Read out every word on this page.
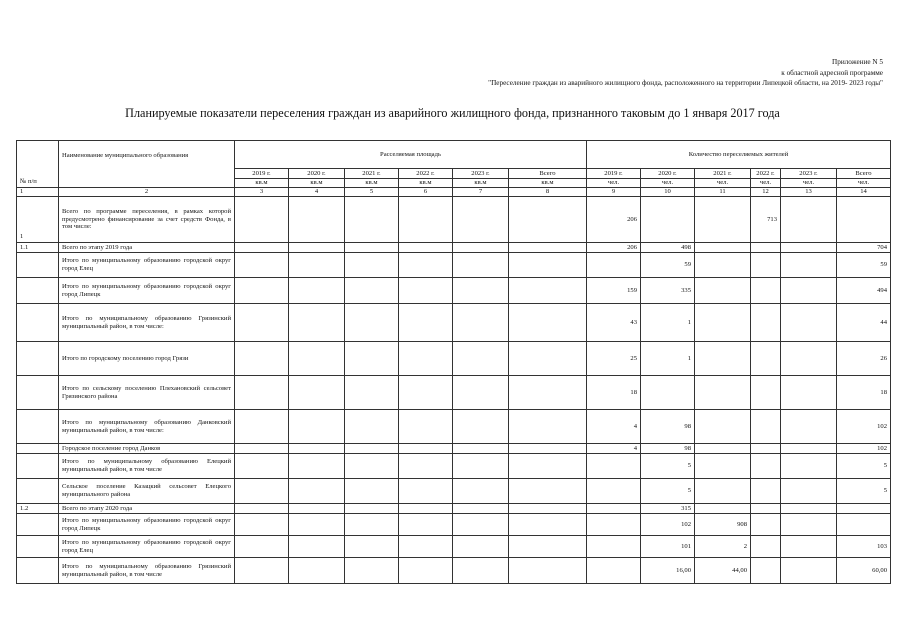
Приложение N 5
к областной адресной программе
"Переселение граждан из аварийного жилищного фонда, расположенного на территории Липецкой области, на 2019- 2023 годы"
Планируемые показатели переселения граждан из аварийного жилищного фонда, признанного таковым до 1 января 2017 года
№ п/п	Наименование муниципального образования	Расселяемая площадь						Количество переселяемых жителей					
		2019 г.	2020 г.	2021 г.	2022 г.	2023 г.	Всего	2019 г.	2020 г.	2021 г.	2022 г.	2023 г.	Всего
		кв.м	кв.м	кв.м	кв.м	кв.м	кв.м	чел.	чел.	чел.	чел.	чел.	чел.
1	2	3	4	5	6	7	8	9	10	11	12	13	14
1	Всего по программе переселения, в рамках которой предусмотрено финансирование за счет средств Фонда, в том числе:							206			713		
1.1	Всего по этапу 2019 года							206	498				704
	Итого по муниципальному образованию городской округ город Елец								59				59
	Итого по муниципальному образованию городской округ город Липецк							159	335				494
	Итого по муниципальному образованию Грязинский муниципальный район, в том числе:							43	1				44
	Итого по городскому поселению город Грязи							25	1				26
	Итого по сельскому поселению Плехановский сельсовет Грязинского района							18					18
	Итого по муниципальному образованию Данковский муниципальный район, в том числе:							4	98				102
	Городское поселение город Данков							4	98				102
	Итого по муниципальному образованию Елецкий муниципальный район, в том числе								5				5
	Сельское поселение Казацкий сельсовет Елецкого муниципального района								5				5
1.2	Всего по этапу 2020 года								315				
	Итого по муниципальному образованию городской округ город Липецк								102	908			
	Итого по муниципальному образованию городской округ город Елец								101	2			103
	Итого по муниципальному образованию Грязинский муниципальный район, в том числе								16,00	44,00			60,00
